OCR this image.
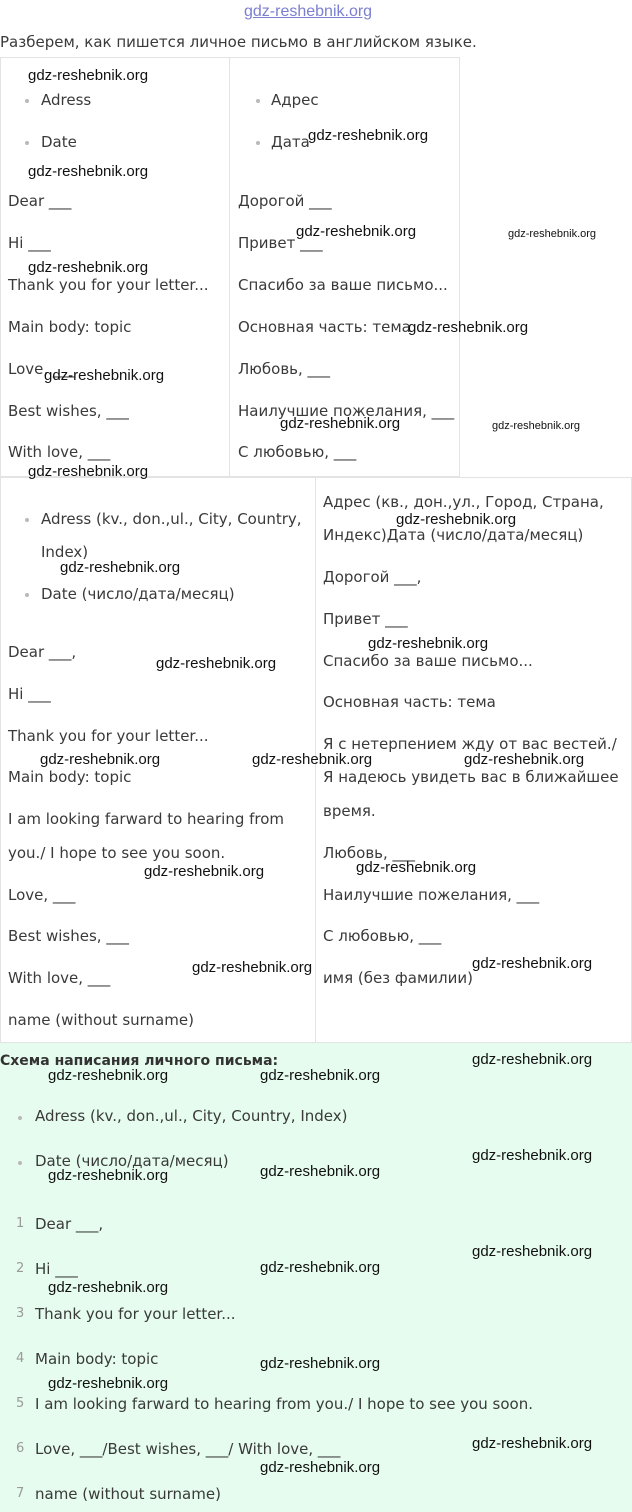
gdz-reshebnik.org
Разберем, как пишется личное письмо в английском языке.
Adress
Date
Dear ___
Hi ___
Thank you for your letter...
Main body: topic
Love, ___
Best wishes, ___
With love, ___
Адрес
Дата
Дорогой ___
Привет ___
Спасибо за ваше письмо...
Основная часть: тема
Любовь, ___
Наилучшие пожелания, ___
С любовью, ___
Adress (kv., don.,ul., City, Country,
Index)
Date (число/дата/месяц)
Dear ___,
Hi ___
Thank you for your letter...
Main body: topic
I am looking farward to hearing from
you./ I hope to see you soon.
Love, ___
Best wishes, ___
With love, ___
name (without surname)
Адрес (кв., дон.,ул., Город, Страна,
Индекс)Дата (число/дата/месяц)
Дорогой ___,
Привет ___
Спасибо за ваше письмо...
Основная часть: тема
Я с нетерпением жду от вас вестей./
Я надеюсь увидеть вас в ближайшее
время.
Любовь, ___
Наилучшие пожелания, ___
С любовью, ___
имя (без фамилии)
Схема написания личного письма:
Adress (kv., don.,ul., City, Country, Index)
Date (число/дата/месяц)
1 Dear ___,
2 Hi ___
3 Thank you for your letter...
4 Main body: topic
5 I am looking farward to hearing from you./ I hope to see you soon.
6 Love, ___/Best wishes, ___/ With love, ___
7 name (without surname)
gdz-reshebnik.org
gdz-reshebnik.org
gdz-reshebnik.org
gdz-reshebnik.org	gdz-reshebnik.org
gdz-reshebnik.org
gdz-reshebnik.org
gdz-reshebnik.org
gdz-reshebnik.org	gdz-reshebnik.org
gdz-reshebnik.org
gdz-reshebnik.org
gdz-reshebnik.org
gdz-reshebnik.org
gdz-reshebnik.org
gdz-reshebnik.org	gdz-reshebnik.org	gdz-reshebnik.org
gdz-reshebnik.org
gdz-reshebnik.org
gdz-reshebnik.org	gdz-reshebnik.org
gdz-reshebnik.org
gdz-reshebnik.org	gdz-reshebnik.org
gdz-reshebnik.org
gdz-reshebnik.org	gdz-reshebnik.org
gdz-reshebnik.org
gdz-reshebnik.org
gdz-reshebnik.org
gdz-reshebnik.org
gdz-reshebnik.org
gdz-reshebnik.org
gdz-reshebnik.org
